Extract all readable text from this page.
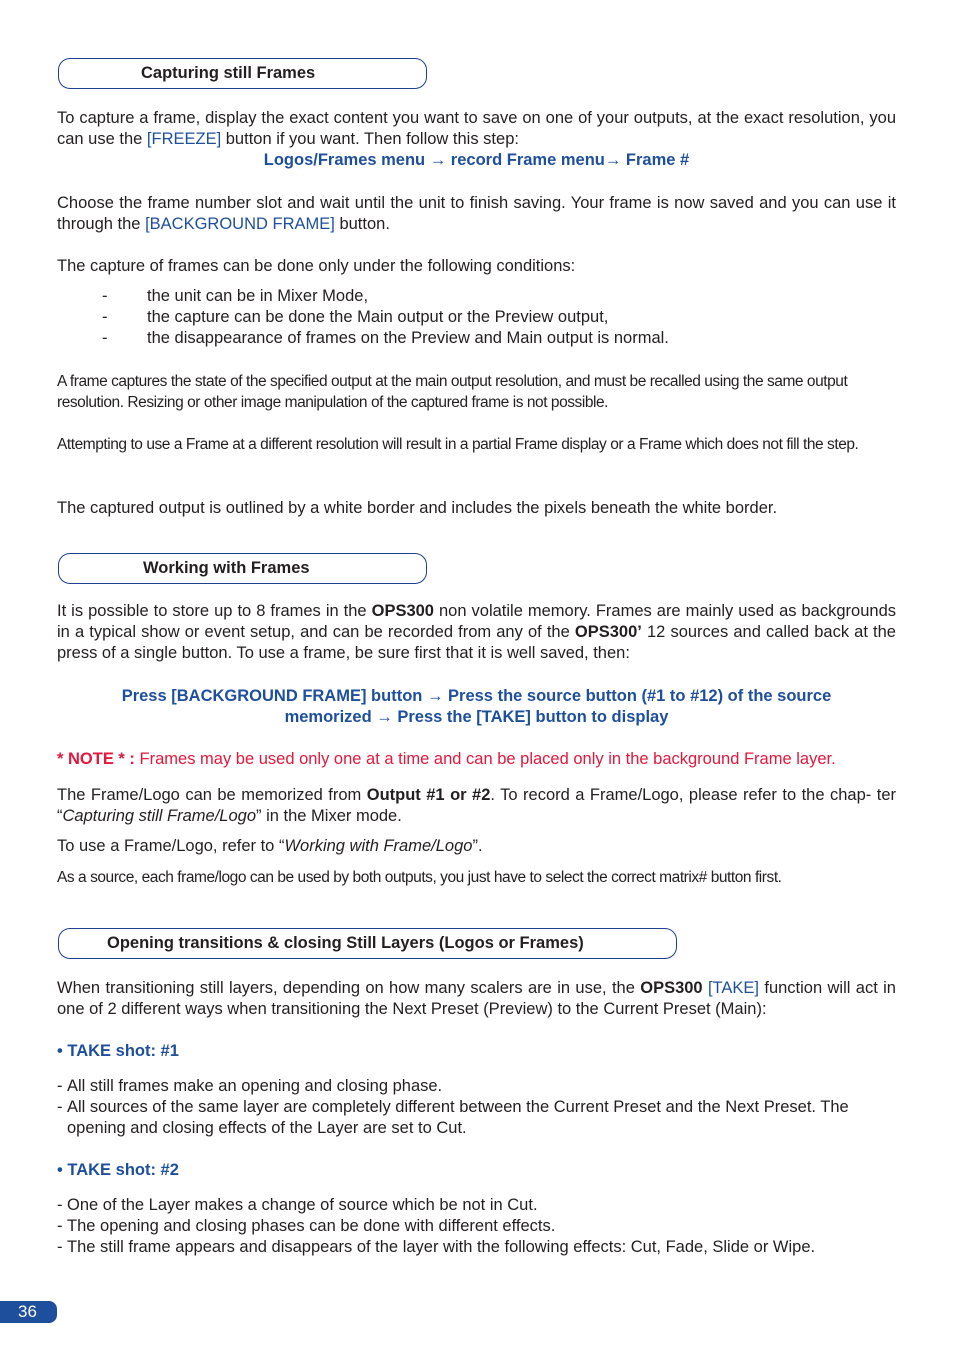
Capturing still Frames

To capture a frame, display the exact content you want to save on one of your outputs, at the exact resolution, you can use the [FREEZE] button if you want. Then follow this step:

Logos/Frames menu → record Frame menu→ Frame #

Choose the frame number slot and wait until the unit to finish saving. Your frame is now saved and you can use it through the [BACKGROUND FRAME] button.

The capture of frames can be done only under the following conditions:

- the unit can be in Mixer Mode,
- the capture can be done the Main output or the Preview output,
- the disappearance of frames on the Preview and Main output is normal.

A frame captures the state of the specified output at the main output resolution, and must be recalled using the same output resolution. Resizing or other image manipulation of the captured frame is not possible.

Attempting to use a Frame at a different resolution will result in a partial Frame display or a Frame which does not fill the step.

The captured output is outlined by a white border and includes the pixels beneath the white border.

Working with Frames

It is possible to store up to 8 frames in the OPS300 non volatile memory. Frames are mainly used as backgrounds in a typical show or event setup, and can be recorded from any of the OPS300’ 12 sources and called back at the press of a single button. To use a frame, be sure first that it is well saved, then:

Press [BACKGROUND FRAME] button → Press the source button (#1 to #12) of the source

memorized → Press the [TAKE] button to display

* NOTE * : Frames may be used only one at a time and can be placed only in the background Frame layer.

The Frame/Logo can be memorized from Output #1 or #2. To record a Frame/Logo, please refer to the chap- ter “Capturing still Frame/Logo” in the Mixer mode.

To use a Frame/Logo, refer to “Working with Frame/Logo”.

As a source, each frame/logo can be used by both outputs, you just have to select the correct matrix# button first.

Opening transitions & closing Still Layers (Logos or Frames)

When transitioning still layers, depending on how many scalers are in use, the OPS300 [TAKE] function will act in one of 2 different ways when transitioning the Next Preset (Preview) to the Current Preset (Main):

• TAKE shot: #1

- All still frames make an opening and closing phase.
- All sources of the same layer are completely different between the Current Preset and the Next Preset. The opening and closing effects of the Layer are set to Cut.

• TAKE shot: #2

- One of the Layer makes a change of source which be not in Cut.
- The opening and closing phases can be done with different effects.
- The still frame appears and disappears of the layer with the following effects: Cut, Fade, Slide or Wipe.
36
